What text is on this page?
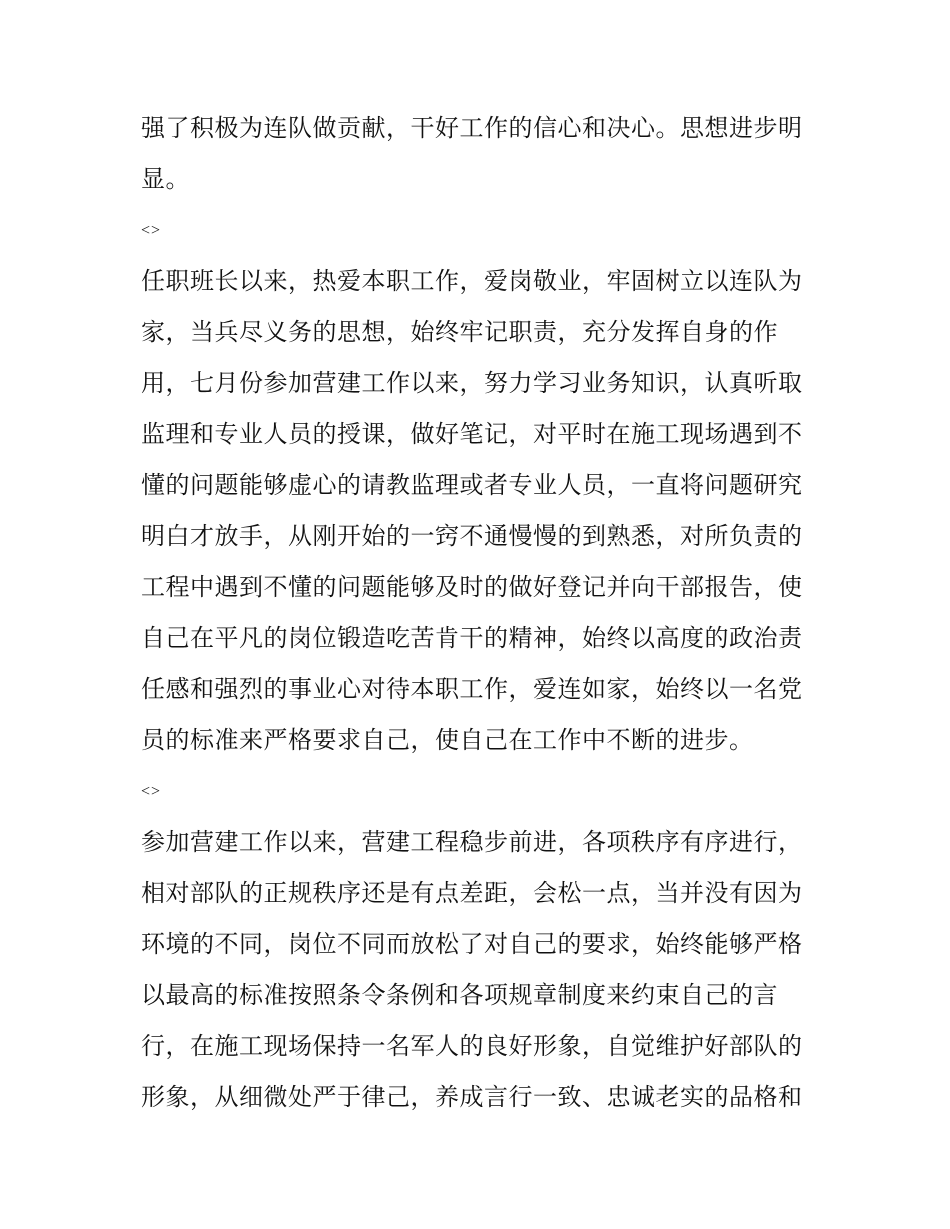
强了积极为连队做贡献，干好工作的信心和决心。思想进步明
显。
<>
任职班长以来，热爱本职工作，爱岗敬业，牢固树立以连队为
家，当兵尽义务的思想，始终牢记职责，充分发挥自身的作
用，七月份参加营建工作以来，努力学习业务知识，认真听取
监理和专业人员的授课，做好笔记，对平时在施工现场遇到不
懂的问题能够虚心的请教监理或者专业人员，一直将问题研究
明白才放手，从刚开始的一窍不通慢慢的到熟悉，对所负责的
工程中遇到不懂的问题能够及时的做好登记并向干部报告，使
自己在平凡的岗位锻造吃苦肯干的精神，始终以高度的政治责
任感和强烈的事业心对待本职工作，爱连如家，始终以一名党
员的标准来严格要求自己，使自己在工作中不断的进步。
<>
参加营建工作以来，营建工程稳步前进，各项秩序有序进行，
相对部队的正规秩序还是有点差距，会松一点，当并没有因为
环境的不同，岗位不同而放松了对自己的要求，始终能够严格
以最高的标准按照条令条例和各项规章制度来约束自己的言
行，在施工现场保持一名军人的良好形象，自觉维护好部队的
形象，从细微处严于律己，养成言行一致、忠诚老实的品格和
